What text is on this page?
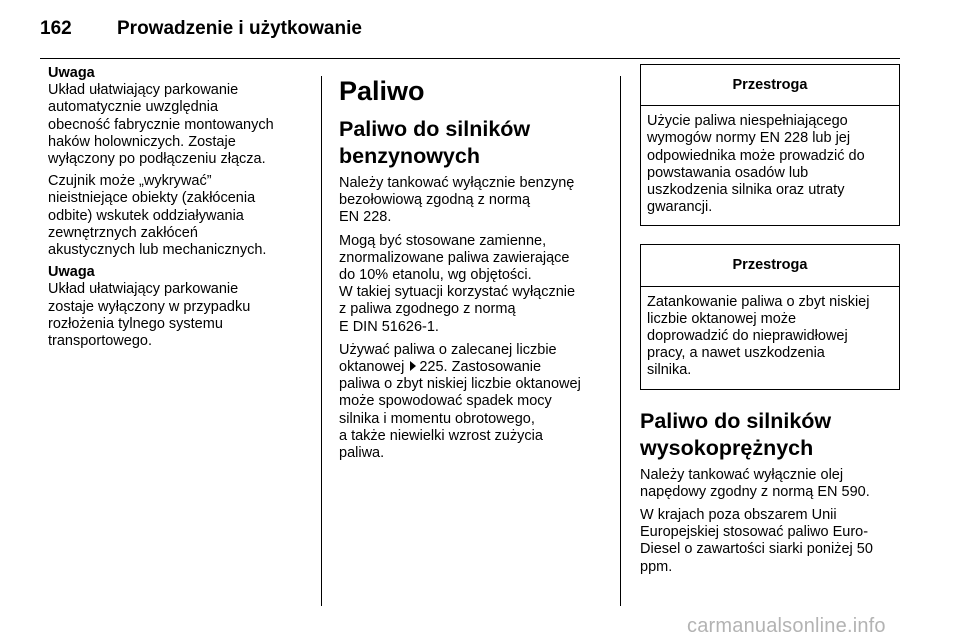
162 Prowadzenie i użytkowanie
Uwaga

Układ ułatwiający parkowanie
automatycznie uwzględnia
obecność fabrycznie montowanych
haków holowniczych. Zostaje
wyłączony po podłączeniu złącza.

Czujnik może „wykrywać”
nieistniejące obiekty (zakłócenia
odbite) wskutek oddziaływania
zewnętrznych zakłóceń
akustycznych lub mechanicznych.

Uwaga

Układ ułatwiający parkowanie
zostaje wyłączony w przypadku
rozłożenia tylnego systemu
transportowego.

Paliwo
Paliwo do silników
benzynowych

Należy tankować wyłącznie benzynę
bezołowiową zgodną z normą
EN 228.

Mogą być stosowane zamienne,
znormalizowane paliwa zawierające
do 10% etanolu, wg objętości.
W takiej sytuacji korzystać wyłącznie
z paliwa zgodnego z normą
E DIN 51626-1.

Używać paliwa o zalecanej liczbie
oktanowej 225. Zastosowanie
paliwa o zbyt niskiej liczbie oktanowej
może spowodować spadek mocy
silnika i momentu obrotowego,
a także niewielki wzrost zużycia
paliwa.

Przestroga
Użycie paliwa niespełniającego
wymogów normy EN 228 lub jej
odpowiednika może prowadzić do
powstawania osadów lub
uszkodzenia silnika oraz utraty
gwarancji.
Przestroga
Zatankowanie paliwa o zbyt niskiej
liczbie oktanowej może
doprowadzić do nieprawidłowej
pracy, a nawet uszkodzenia
silnika.
Paliwo do silników
wysokoprężnych

Należy tankować wyłącznie olej
napędowy zgodny z normą EN 590.

W krajach poza obszarem Unii
Europejskiej stosować paliwo Euro-
Diesel o zawartości siarki poniżej 50
ppm.

carmanualsonline.info
